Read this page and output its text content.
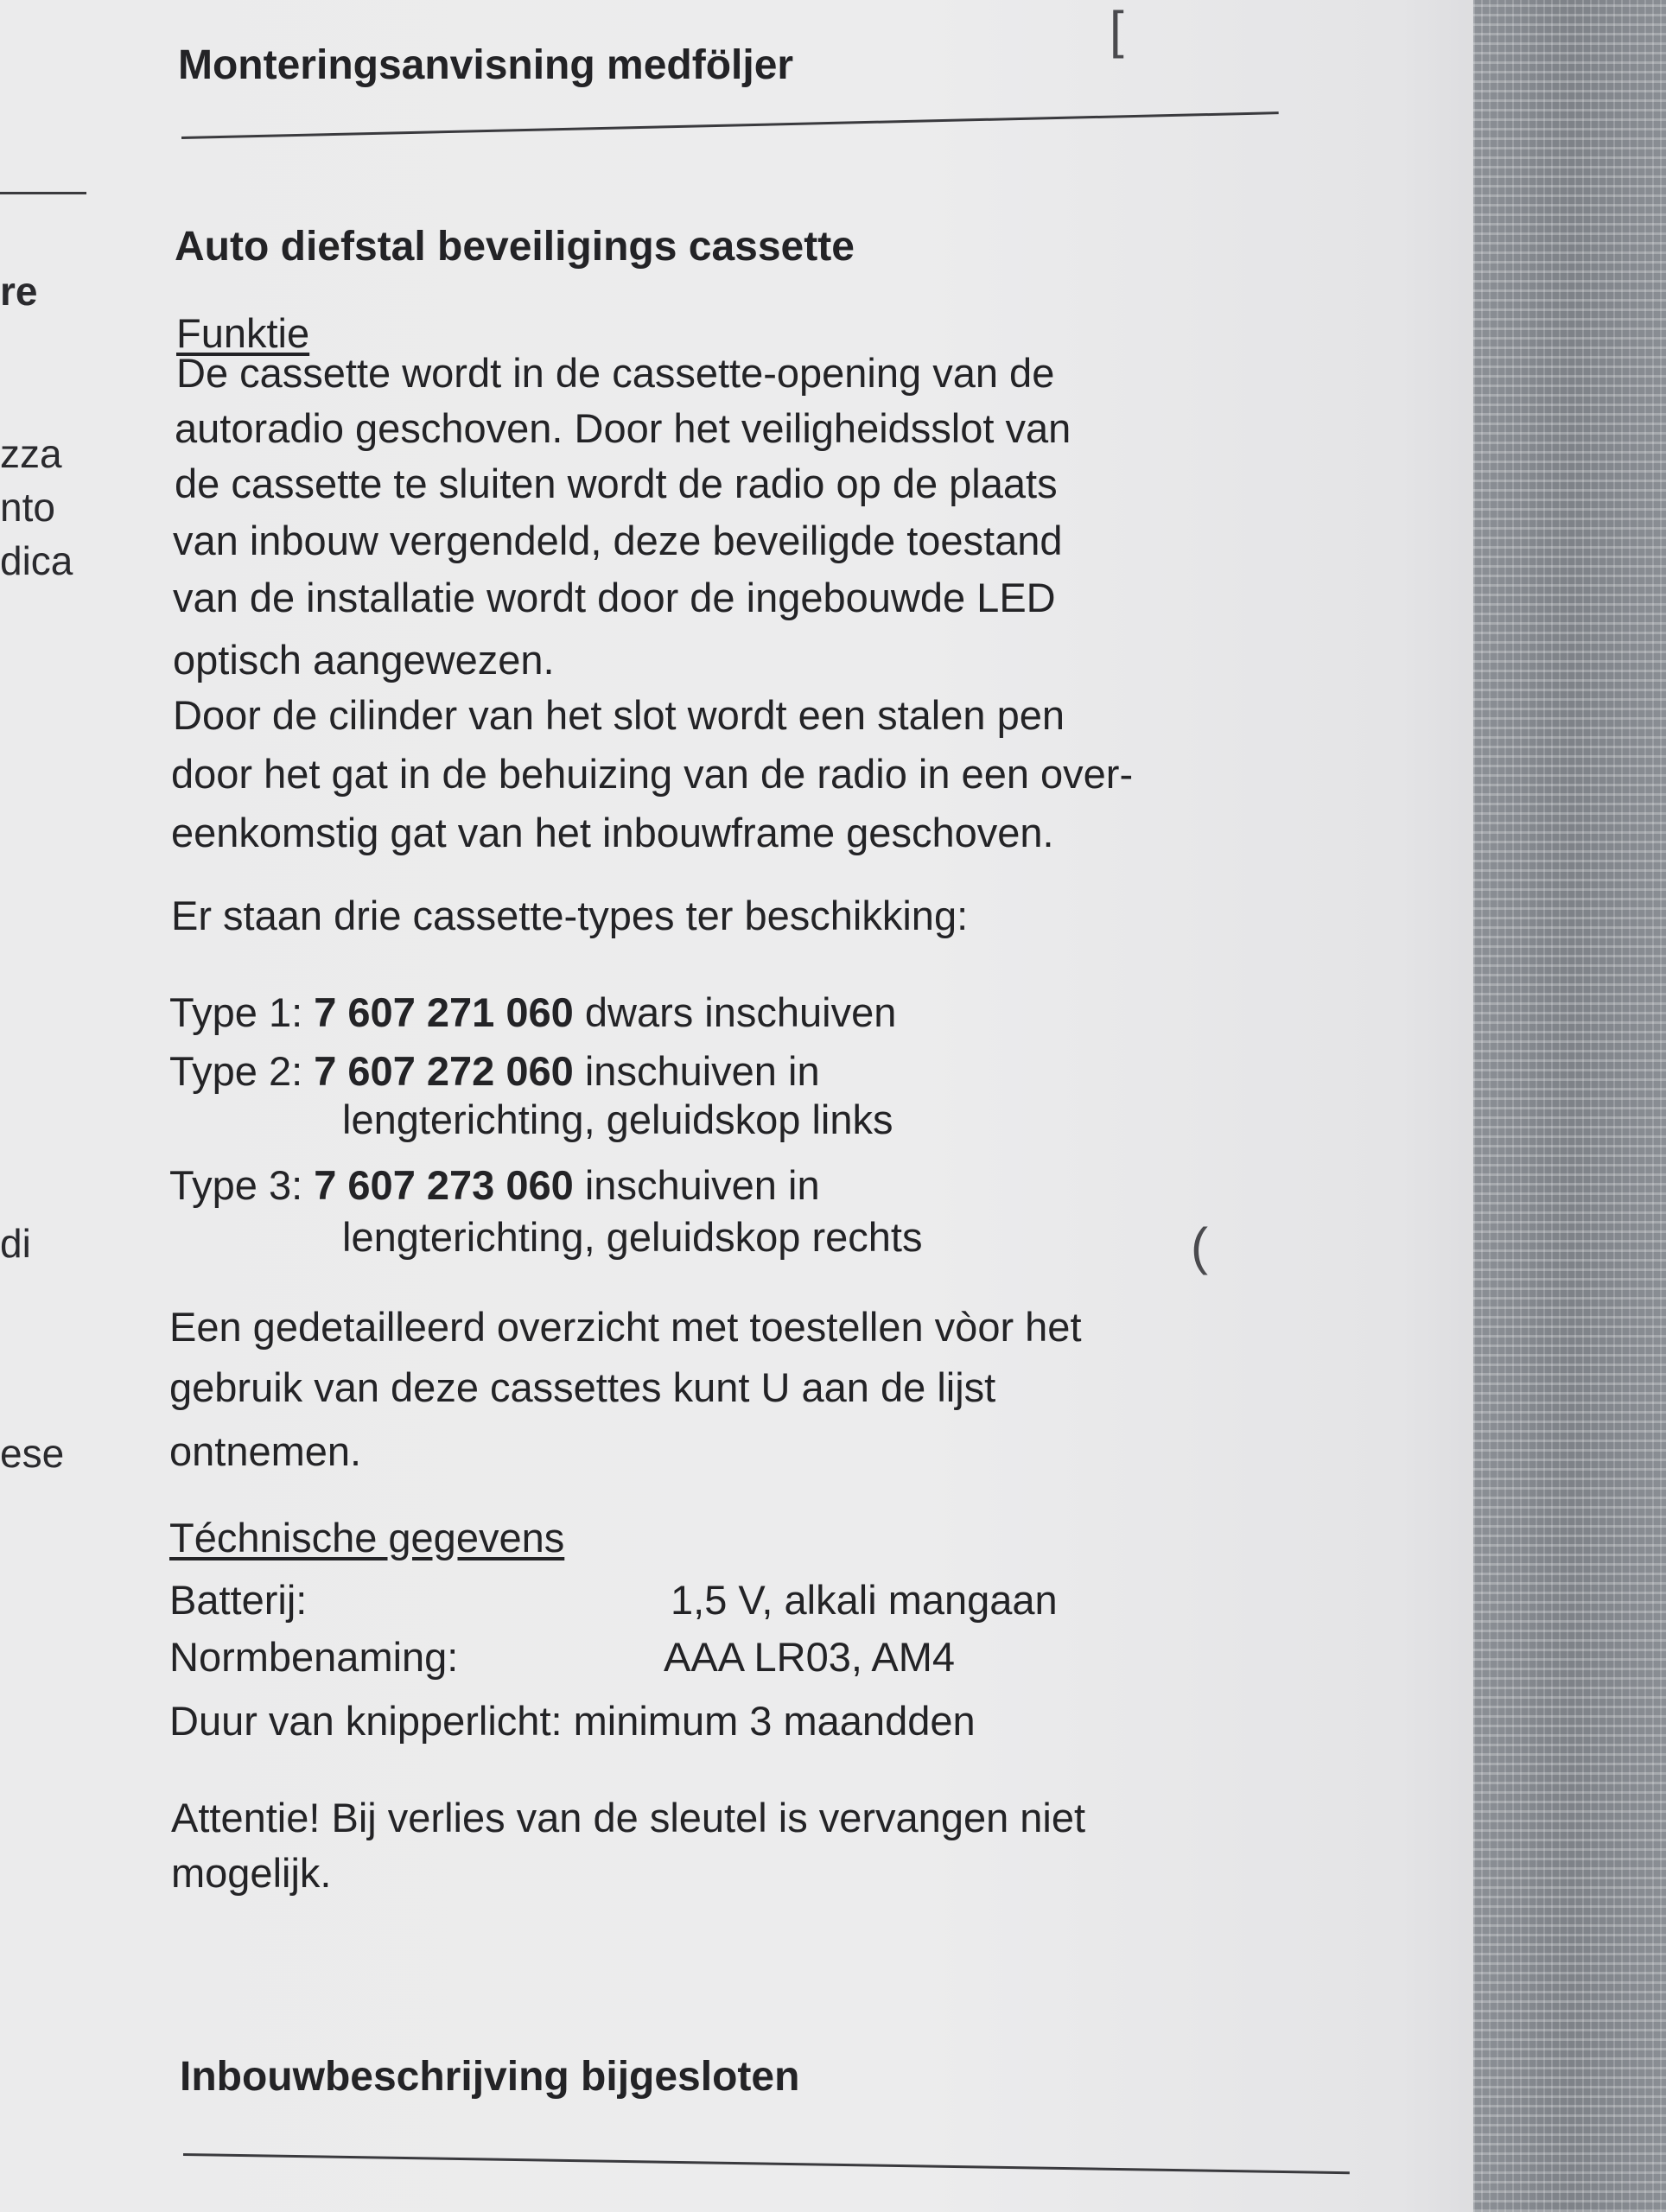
re
zza
nto
dica
di
ese
Monteringsanvisning medföljer
[
Auto diefstal beveiligings cassette
Funktie
De cassette wordt in de cassette-opening van de
autoradio geschoven. Door het veiligheidsslot van
de cassette te sluiten wordt de radio op de plaats
van inbouw vergendeld, deze beveiligde toestand
van de installatie wordt door de ingebouwde LED
optisch aangewezen.
Door de cilinder van het slot wordt een stalen pen
door het gat in de behuizing van de radio in een over-
eenkomstig gat van het inbouwframe geschoven.
Er staan drie cassette-types ter beschikking:
Type 1: 7 607 271 060 dwars inschuiven
Type 2: 7 607 272 060 inschuiven in
lengterichting, geluidskop links
Type 3: 7 607 273 060 inschuiven in
lengterichting, geluidskop rechts	(
Een gedetailleerd overzicht met toestellen vòor het
gebruik van deze cassettes kunt U aan de lijst
ontnemen.
Téchnische gegevens
Batterij:	1,5 V, alkali mangaan
Normbenaming:	AAA LR03, AM4
Duur van knipperlicht: minimum 3 maandden
Attentie! Bij verlies van de sleutel is vervangen niet
mogelijk.
Inbouwbeschrijving bijgesloten
